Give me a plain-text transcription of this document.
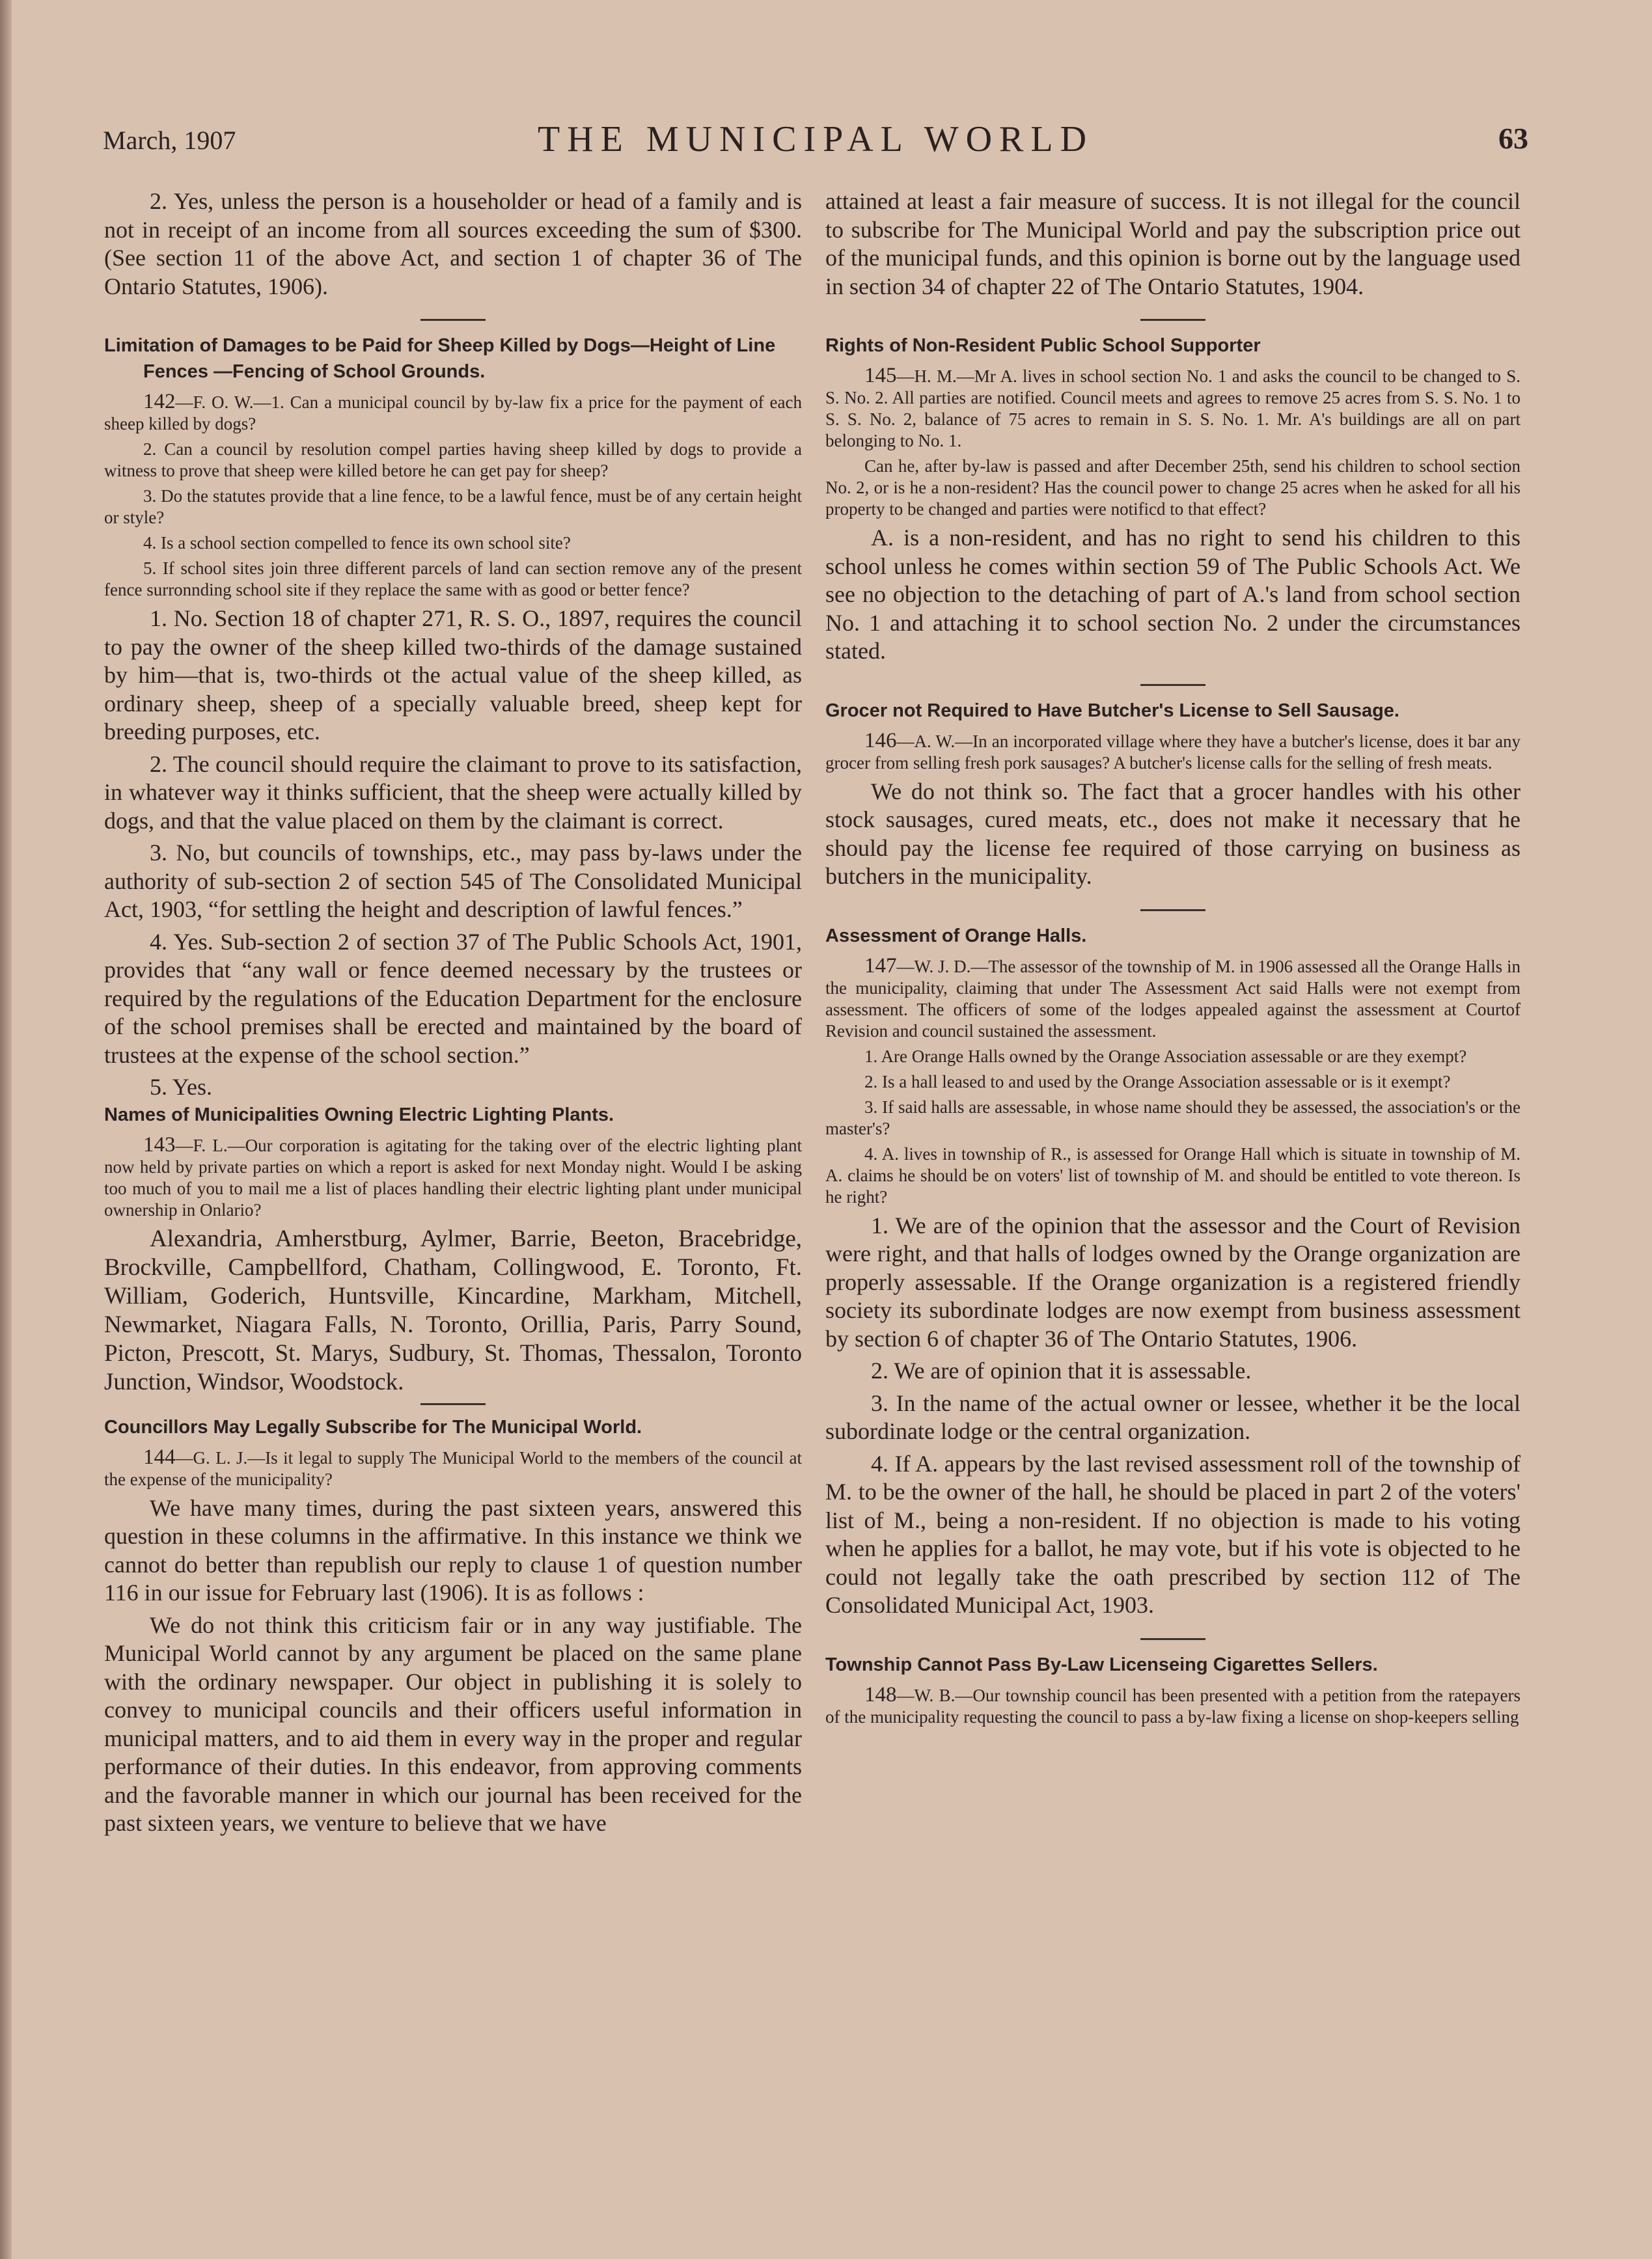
March, 1907	THE MUNICIPAL WORLD	63

2. Yes, unless the person is a householder or head of a family and is not in receipt of an income from all sources exceeding the sum of $300. (See section 11 of the above Act, and section 1 of chapter 36 of The Ontario Statutes, 1906).

Limitation of Damages to be Paid for Sheep Killed by Dogs—Height of Line Fences —Fencing of School Grounds.

142—F. O. W.—1. Can a municipal council by by-law fix a price for the payment of each sheep killed by dogs?

2. Can a council by resolution compel parties having sheep killed by dogs to provide a witness to prove that sheep were killed betore he can get pay for sheep?

3. Do the statutes provide that a line fence, to be a lawful fence, must be of any certain height or style?

4. Is a school section compelled to fence its own school site?

5. If school sites join three different parcels of land can section remove any of the present fence surronnding school site if they replace the same with as good or better fence?

1. No. Section 18 of chapter 271, R. S. O., 1897, requires the council to pay the owner of the sheep killed two-thirds of the damage sustained by him—that is, two-thirds ot the actual value of the sheep killed, as ordinary sheep, sheep of a specially valuable breed, sheep kept for breeding purposes, etc.

2. The council should require the claimant to prove to its satisfaction, in whatever way it thinks sufficient, that the sheep were actually killed by dogs, and that the value placed on them by the claimant is correct.

3. No, but councils of townships, etc., may pass by-laws under the authority of sub-section 2 of section 545 of The Consolidated Municipal Act, 1903, “for settling the height and description of lawful fences.”

4. Yes. Sub-section 2 of section 37 of The Public Schools Act, 1901, provides that “any wall or fence deemed necessary by the trustees or required by the regulations of the Education Department for the enclosure of the school premises shall be erected and maintained by the board of trustees at the expense of the school section.”

5. Yes.

Names of Municipalities Owning Electric Lighting Plants.

143—F. L.—Our corporation is agitating for the taking over of the electric lighting plant now held by private parties on which a report is asked for next Monday night. Would I be asking too much of you to mail me a list of places handling their electric lighting plant under municipal ownership in Onlario?

Alexandria, Amherstburg, Aylmer, Barrie, Beeton, Bracebridge, Brockville, Campbellford, Chatham, Collingwood, E. Toronto, Ft. William, Goderich, Huntsville, Kincardine, Markham, Mitchell, Newmarket, Niagara Falls, N. Toronto, Orillia, Paris, Parry Sound, Picton, Prescott, St. Marys, Sudbury, St. Thomas, Thessalon, Toronto Junction, Windsor, Woodstock.

Councillors May Legally Subscribe for The Municipal World.

144—G. L. J.—Is it legal to supply The Municipal World to the members of the council at the expense of the municipality?

We have many times, during the past sixteen years, answered this question in these columns in the affirmative. In this instance we think we cannot do better than republish our reply to clause 1 of question number 116 in our issue for February last (1906). It is as follows :

We do not think this criticism fair or in any way justifiable. The Municipal World cannot by any argument be placed on the same plane with the ordinary newspaper. Our object in publishing it is solely to convey to municipal councils and their officers useful information in municipal matters, and to aid them in every way in the proper and regular performance of their duties. In this endeavor, from approving comments and the favorable manner in which our journal has been received for the past sixteen years, we venture to believe that we have

attained at least a fair measure of success. It is not illegal for the council to subscribe for The Municipal World and pay the subscription price out of the municipal funds, and this opinion is borne out by the language used in section 34 of chapter 22 of The Ontario Statutes, 1904.

Rights of Non-Resident Public School Supporter

145—H. M.—Mr A. lives in school section No. 1 and asks the council to be changed to S. S. No. 2. All parties are notified. Council meets and agrees to remove 25 acres from S. S. No. 1 to S. S. No. 2, balance of 75 acres to remain in S. S. No. 1. Mr. A's buildings are all on part belonging to No. 1.

Can he, after by-law is passed and after December 25th, send his children to school section No. 2, or is he a non-resident? Has the council power to change 25 acres when he asked for all his property to be changed and parties were notificd to that effect?

A. is a non-resident, and has no right to send his children to this school unless he comes within section 59 of The Public Schools Act. We see no objection to the detaching of part of A.'s land from school section No. 1 and attaching it to school section No. 2 under the circumstances stated.

Grocer not Required to Have Butcher's License to Sell Sausage.

146—A. W.—In an incorporated village where they have a butcher's license, does it bar any grocer from selling fresh pork sausages? A butcher's license calls for the selling of fresh meats.

We do not think so. The fact that a grocer handles with his other stock sausages, cured meats, etc., does not make it necessary that he should pay the license fee required of those carrying on business as butchers in the municipality.

Assessment of Orange Halls.

147—W. J. D.—The assessor of the township of M. in 1906 assessed all the Orange Halls in the municipality, claiming that under The Assessment Act said Halls were not exempt from assessment. The officers of some of the lodges appealed against the assessment at Courtof Revision and council sustained the assessment.

1. Are Orange Halls owned by the Orange Association assessable or are they exempt?

2. Is a hall leased to and used by the Orange Association assessable or is it exempt?

3. If said halls are assessable, in whose name should they be assessed, the association's or the master's?

4. A. lives in township of R., is assessed for Orange Hall which is situate in township of M. A. claims he should be on voters' list of township of M. and should be entitled to vote thereon. Is he right?

1. We are of the opinion that the assessor and the Court of Revision were right, and that halls of lodges owned by the Orange organization are properly assessable. If the Orange organization is a registered friendly society its subordinate lodges are now exempt from business assessment by section 6 of chapter 36 of The Ontario Statutes, 1906.

2. We are of opinion that it is assessable.

3. In the name of the actual owner or lessee, whether it be the local subordinate lodge or the central organization.

4. If A. appears by the last revised assessment roll of the township of M. to be the owner of the hall, he should be placed in part 2 of the voters' list of M., being a non-resident. If no objection is made to his voting when he applies for a ballot, he may vote, but if his vote is objected to he could not legally take the oath prescribed by section 112 of The Consolidated Municipal Act, 1903.

Township Cannot Pass By-Law Licenseing Cigarettes Sellers.

148—W. B.—Our township council has been presented with a petition from the ratepayers of the municipality requesting the council to pass a by-law fixing a license on shop-keepers selling
